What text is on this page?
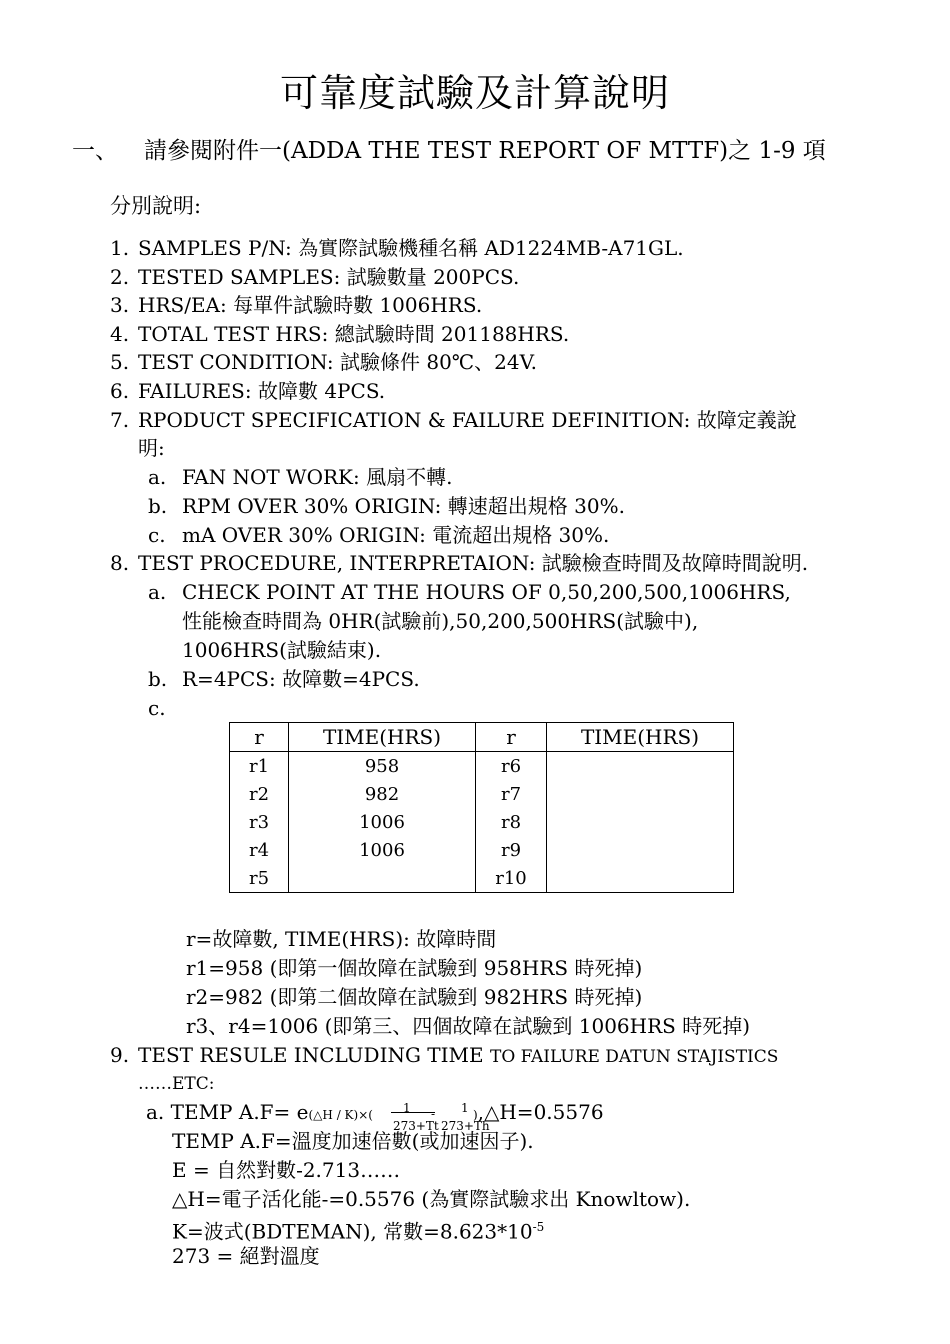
可靠度試驗及計算說明
一、 請參閱附件一(ADDA THE TEST REPORT OF MTTF)之 1-9 項
分別說明:
1. SAMPLES P/N: 為實際試驗機種名稱 AD1224MB-A71GL.
2. TESTED SAMPLES: 試驗數量 200PCS.
3. HRS/EA: 每單件試驗時數 1006HRS.
4. TOTAL TEST HRS: 總試驗時間 201188HRS.
5. TEST CONDITION: 試驗條件 80℃、24V.
6. FAILURES: 故障數 4PCS.
7. RPODUCT SPECIFICATION & FAILURE DEFINITION: 故障定義說
明:
a. FAN NOT WORK: 風扇不轉.
b. RPM OVER 30% ORIGIN: 轉速超出規格 30%.
c. mA OVER 30% ORIGIN: 電流超出規格 30%.
8. TEST PROCEDURE, INTERPRETAION: 試驗檢查時間及故障時間說明.
a. CHECK POINT AT THE HOURS OF 0,50,200,500,1006HRS,
性能檢查時間為 0HR(試驗前),50,200,500HRS(試驗中),
1006HRS(試驗結束).
b. R=4PCS: 故障數=4PCS.
c.
r	TIME(HRS)	r	TIME(HRS)
r1	958	r6	
r2	982	r7	
r3	1006	r8	
r4	1006	r9	
r5		r10	
r=故障數, TIME(HRS): 故障時間
r1=958 (即第一個故障在試驗到 958HRS 時死掉)
r2=982 (即第二個故障在試驗到 982HRS 時死掉)
r3、r4=1006 (即第三、四個故障在試驗到 1006HRS 時死掉)
9. TEST RESULE INCLUDING TIME TO FAILURE DATUN STAJISTICS
……ETC:
a. TEMP A.F= e(△H / K)×(	1
273+Tt
- 1
273+Th
),△H=0.5576
TEMP A.F=溫度加速倍數(或加速因子).
E = 自然對數-2.713……
△H=電子活化能-=0.5576 (為實際試驗求出 Knowltow).
K=波式(BDTEMAN), 常數$=8.623*10^{-5}$
273 = 絕對溫度
